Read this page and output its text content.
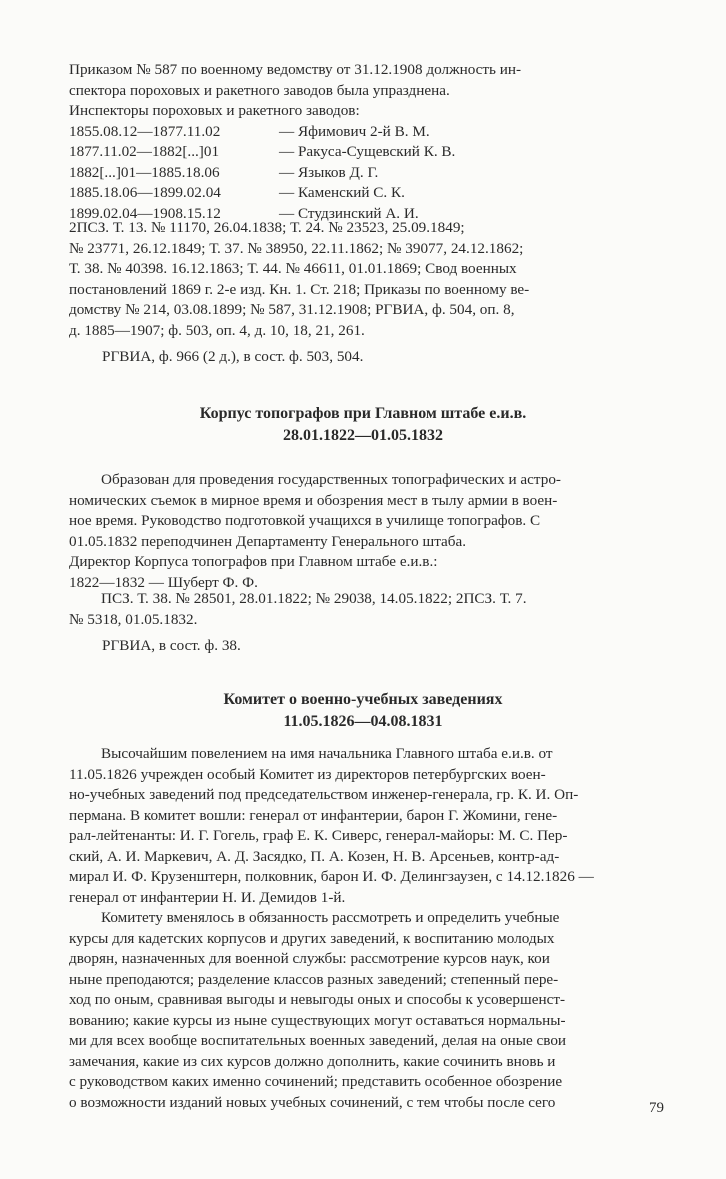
Приказом № 587 по военному ведомству от 31.12.1908 должность ин-
спектора пороховых и ракетного заводов была упразднена.
Инспекторы пороховых и ракетного заводов:
1855.08.12—1877.11.02	— Яфимович 2-й В. М.
1877.11.02—1882[...]01	— Ракуса-Сущевский К. В.
1882[...]01—1885.18.06	— Языков Д. Г.
1885.18.06—1899.02.04	— Каменский С. К.
1899.02.04—1908.15.12	— Студзинский А. И.
2ПСЗ. Т. 13. № 11170, 26.04.1838; Т. 24. № 23523, 25.09.1849;
№ 23771, 26.12.1849; Т. 37. № 38950, 22.11.1862; № 39077, 24.12.1862;
Т. 38. № 40398. 16.12.1863; Т. 44. № 46611, 01.01.1869; Свод военных
постановлений 1869 г. 2-е изд. Кн. 1. Ст. 218; Приказы по военному ве-
домству № 214, 03.08.1899; № 587, 31.12.1908; РГВИА, ф. 504, оп. 8,
д. 1885—1907; ф. 503, оп. 4, д. 10, 18, 21, 261.
РГВИА, ф. 966 (2 д.), в сост. ф. 503, 504.
Корпус топографов при Главном штабе е.и.в.
28.01.1822—01.05.1832
Образован для проведения государственных топографических и астро-
номических съемок в мирное время и обозрения мест в тылу армии в воен-
ное время. Руководство подготовкой учащихся в училище топографов. С
01.05.1832 переподчинен Департаменту Генерального штаба.
Директор Корпуса топографов при Главном штабе е.и.в.:
1822—1832 — Шуберт Ф. Ф.
ПСЗ. Т. 38. № 28501, 28.01.1822; № 29038, 14.05.1822; 2ПСЗ. Т. 7.
№ 5318, 01.05.1832.
РГВИА, в сост. ф. 38.
Комитет о военно-учебных заведениях
11.05.1826—04.08.1831
Высочайшим повелением на имя начальника Главного штаба е.и.в. от
11.05.1826 учрежден особый Комитет из директоров петербургских воен-
но-учебных заведений под председательством инженер-генерала, гр. К. И. Оп-
пермана. В комитет вошли: генерал от инфантерии, барон Г. Жомини, гене-
рал-лейтенанты: И. Г. Гогель, граф Е. К. Сиверс, генерал-майоры: М. С. Пер-
ский, А. И. Маркевич, А. Д. Засядко, П. А. Козен, Н. В. Арсеньев, контр-ад-
мирал И. Ф. Крузенштерн, полковник, барон И. Ф. Делингзаузен, с 14.12.1826 —
генерал от инфантерии Н. И. Демидов 1-й.
Комитету вменялось в обязанность рассмотреть и определить учебные
курсы для кадетских корпусов и других заведений, к воспитанию молодых
дворян, назначенных для военной службы: рассмотрение курсов наук, кои
ныне преподаются; разделение классов разных заведений; степенный пере-
ход по оным, сравнивая выгоды и невыгоды оных и способы к усовершенст-
вованию; какие курсы из ныне существующих могут оставаться нормальны-
ми для всех вообще воспитательных военных заведений, делая на оные свои
замечания, какие из сих курсов должно дополнить, какие сочинить вновь и
с руководством каких именно сочинений; представить особенное обозрение
о возможности изданий новых учебных сочинений, с тем чтобы после сего	79
